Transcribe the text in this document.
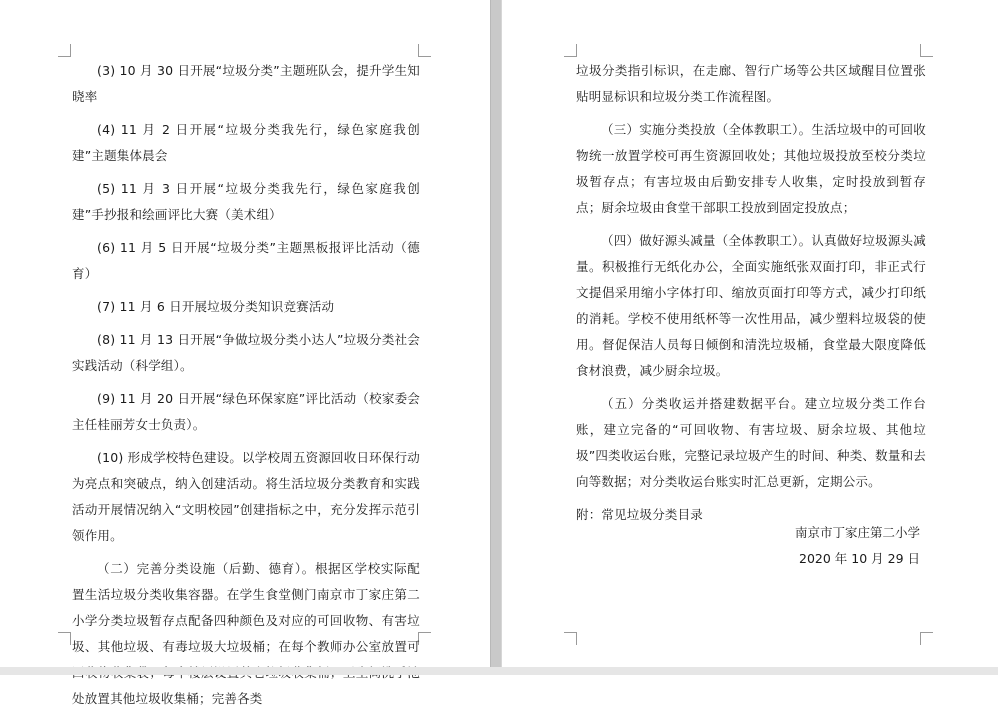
(3) 10 月 30 日开展“垃圾分类”主题班队会，提升学生知晓率

(4) 11 月 2 日开展“垃圾分类我先行，绿色家庭我创建”主题集体晨会

(5) 11 月 3 日开展“垃圾分类我先行，绿色家庭我创建”手抄报和绘画评比大赛（美术组）

(6) 11 月 5 日开展“垃圾分类”主题黑板报评比活动（德育）

(7) 11 月 6 日开展垃圾分类知识竞赛活动

(8) 11 月 13 日开展“争做垃圾分类小达人”垃圾分类社会实践活动（科学组）。

(9) 11 月 20 日开展“绿色环保家庭”评比活动（校家委会主任桂丽芳女士负责）。

(10) 形成学校特色建设。以学校周五资源回收日环保行动为亮点和突破点，纳入创建活动。将生活垃圾分类教育和实践活动开展情况纳入“文明校园”创建指标之中，充分发挥示范引领作用。

（二）完善分类设施（后勤、德育）。根据区学校实际配置生活垃圾分类收集容器。在学生食堂侧门南京市丁家庄第二小学分类垃圾暂存点配备四种颜色及对应的可回收物、有害垃圾、其他垃圾、有毒垃圾大垃圾桶；在每个教师办公室放置可 处放置其他垃圾收集桶；完善各类

垃圾分类指引标识，在走廊、智行广场等公共区域醒目位置张贴明显标识和垃圾分类工作流程图。

（三）实施分类投放（全体教职工）。生活垃圾中的可回收物统一放置学校可再生资源回收处；其他垃圾投放至校分类垃圾暂存点；有害垃圾由后勤安排专人收集，定时投放到暂存点；厨余垃圾由食堂干部职工投放到固定投放点；

（四）做好源头减量（全体教职工）。认真做好垃圾源头减量。积极推行无纸化办公，全面实施纸张双面打印，非正式行文提倡采用缩小字体打印、缩放页面打印等方式，减少打印纸的消耗。学校不使用纸杯等一次性用品，减少塑料垃圾袋的使用。督促保洁人员每日倾倒和清洗垃圾桶，食堂最大限度降低食材浪费，减少厨余垃圾。

（五）分类收运并搭建数据平台。建立垃圾分类工作台账，建立完备的“可回收物、有害垃圾、厨余垃圾、其他垃圾”四类收运台账，完整记录垃圾产生的时间、种类、数量和去向等数据；对分类收运台账实时汇总更新，定期公示。

附：常见垃圾分类目录

南京市丁家庄第二小学
2020 年 10 月 29 日
